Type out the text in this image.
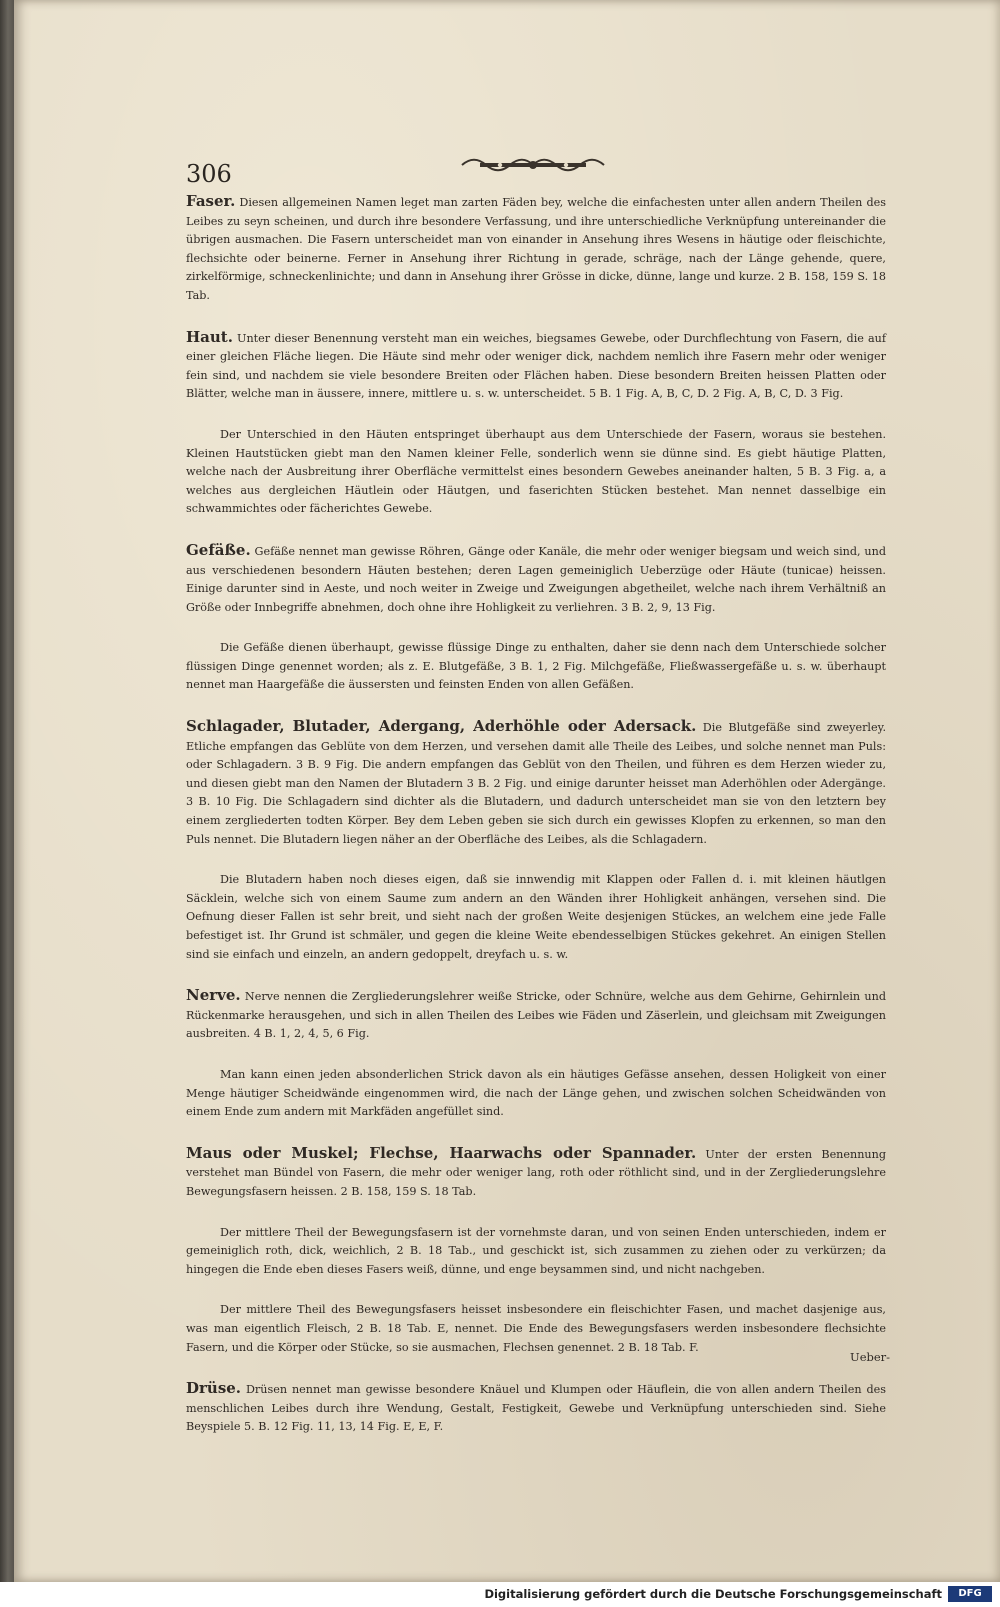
306

Faser. Diesen allgemeinen Namen leget man zarten Fäden bey, welche die einfachesten unter allen andern Theilen des Leibes zu seyn scheinen, und durch ihre besondere Verfassung, und ihre unterschiedliche Verknüpfung untereinander die übrigen ausmachen. Die Fasern unterscheidet man von einander in Ansehung ihres Wesens in häutige oder fleischichte, flechsichte oder beinerne. Ferner in Ansehung ihrer Richtung in gerade, schräge, nach der Länge gehende, quere, zirkelförmige, schneckenlinichte; und dann in Ansehung ihrer Grösse in dicke, dünne, lange und kurze. 2 B. 158, 159 S. 18 Tab.

Haut. Unter dieser Benennung versteht man ein weiches, biegsames Gewebe, oder Durchflechtung von Fasern, die auf einer gleichen Fläche liegen. Die Häute sind mehr oder weniger dick, nachdem nemlich ihre Fasern mehr oder weniger fein sind, und nachdem sie viele besondere Breiten oder Flächen haben. Diese besondern Breiten heissen Platten oder Blätter, welche man in äussere, innere, mittlere u. s. w. unterscheidet. 5 B. 1 Fig. A, B, C, D. 2 Fig. A, B, C, D. 3 Fig.

Der Unterschied in den Häuten entspringet überhaupt aus dem Unterschiede der Fasern, woraus sie bestehen. Kleinen Hautstücken giebt man den Namen kleiner Felle, sonderlich wenn sie dünne sind. Es giebt häutige Platten, welche nach der Ausbreitung ihrer Oberfläche vermittelst eines besondern Gewebes aneinander halten, 5 B. 3 Fig. a, a welches aus dergleichen Häutlein oder Häutgen, und faserichten Stücken bestehet. Man nennet dasselbige ein schwammichtes oder fächerichtes Gewebe.

Gefäße. Gefäße nennet man gewisse Röhren, Gänge oder Kanäle, die mehr oder weniger biegsam und weich sind, und aus verschiedenen besondern Häuten bestehen; deren Lagen gemeiniglich Ueberzüge oder Häute (tunicae) heissen. Einige darunter sind in Aeste, und noch weiter in Zweige und Zweigungen abgetheilet, welche nach ihrem Verhältniß an Größe oder Innbegriffe abnehmen, doch ohne ihre Hohligkeit zu verliehren. 3 B. 2, 9, 13 Fig.

Die Gefäße dienen überhaupt, gewisse flüssige Dinge zu enthalten, daher sie denn nach dem Unterschiede solcher flüssigen Dinge genennet worden; als z. E. Blutgefäße, 3 B. 1, 2 Fig. Milchgefäße, Fließwassergefäße u. s. w. überhaupt nennet man Haargefäße die äussersten und feinsten Enden von allen Gefäßen.

Schlagader, Blutader, Adergang, Aderhöhle oder Adersack. Die Blutgefäße sind zweyerley. Etliche empfangen das Geblüte von dem Herzen, und versehen damit alle Theile des Leibes, und solche nennet man Puls: oder Schlagadern. 3 B. 9 Fig. Die andern empfangen das Geblüt von den Theilen, und führen es dem Herzen wieder zu, und diesen giebt man den Namen der Blutadern 3 B. 2 Fig. und einige darunter heisset man Aderhöhlen oder Adergänge. 3 B. 10 Fig. Die Schlagadern sind dichter als die Blutadern, und dadurch unterscheidet man sie von den letztern bey einem zergliederten todten Körper. Bey dem Leben geben sie sich durch ein gewisses Klopfen zu erkennen, so man den Puls nennet. Die Blutadern liegen näher an der Oberfläche des Leibes, als die Schlagadern.

Die Blutadern haben noch dieses eigen, daß sie innwendig mit Klappen oder Fallen d. i. mit kleinen häutlgen Säcklein, welche sich von einem Saume zum andern an den Wänden ihrer Hohligkeit anhängen, versehen sind. Die Oefnung dieser Fallen ist sehr breit, und sieht nach der großen Weite desjenigen Stückes, an welchem eine jede Falle befestiget ist. Ihr Grund ist schmäler, und gegen die kleine Weite ebendesselbigen Stückes gekehret. An einigen Stellen sind sie einfach und einzeln, an andern gedoppelt, dreyfach u. s. w.

Nerve. Nerve nennen die Zergliederungslehrer weiße Stricke, oder Schnüre, welche aus dem Gehirne, Gehirnlein und Rückenmarke herausgehen, und sich in allen Theilen des Leibes wie Fäden und Zäserlein, und gleichsam mit Zweigungen ausbreiten. 4 B. 1, 2, 4, 5, 6 Fig.

Man kann einen jeden absonderlichen Strick davon als ein häutiges Gefässe ansehen, dessen Holigkeit von einer Menge häutiger Scheidwände eingenommen wird, die nach der Länge gehen, und zwischen solchen Scheidwänden von einem Ende zum andern mit Markfäden angefüllet sind.

Maus oder Muskel; Flechse, Haarwachs oder Spannader. Unter der ersten Benennung verstehet man Bündel von Fasern, die mehr oder weniger lang, roth oder röthlicht sind, und in der Zergliederungslehre Bewegungsfasern heissen. 2 B. 158, 159 S. 18 Tab.

Der mittlere Theil der Bewegungsfasern ist der vornehmste daran, und von seinen Enden unterschieden, indem er gemeiniglich roth, dick, weichlich, 2 B. 18 Tab., und geschickt ist, sich zusammen zu ziehen oder zu verkürzen; da hingegen die Ende eben dieses Fasers weiß, dünne, und enge beysammen sind, und nicht nachgeben.

Der mittlere Theil des Bewegungsfasers heisset insbesondere ein fleischichter Fasen, und machet dasjenige aus, was man eigentlich Fleisch, 2 B. 18 Tab. E, nennet. Die Ende des Bewegungsfasers werden insbesondere flechsichte Fasern, und die Körper oder Stücke, so sie ausmachen, Flechsen genennet. 2 B. 18 Tab. F.

Drüse. Drüsen nennet man gewisse besondere Knäuel und Klumpen oder Häuflein, die von allen andern Theilen des menschlichen Leibes durch ihre Wendung, Gestalt, Festigkeit, Gewebe und Verknüpfung unterschieden sind. Siehe Beyspiele 5. B. 12 Fig. 11, 13, 14 Fig. E, E, F.

Ueber-
Digitalisierung gefördert durch die Deutsche Forschungsgemeinschaft	DFG
